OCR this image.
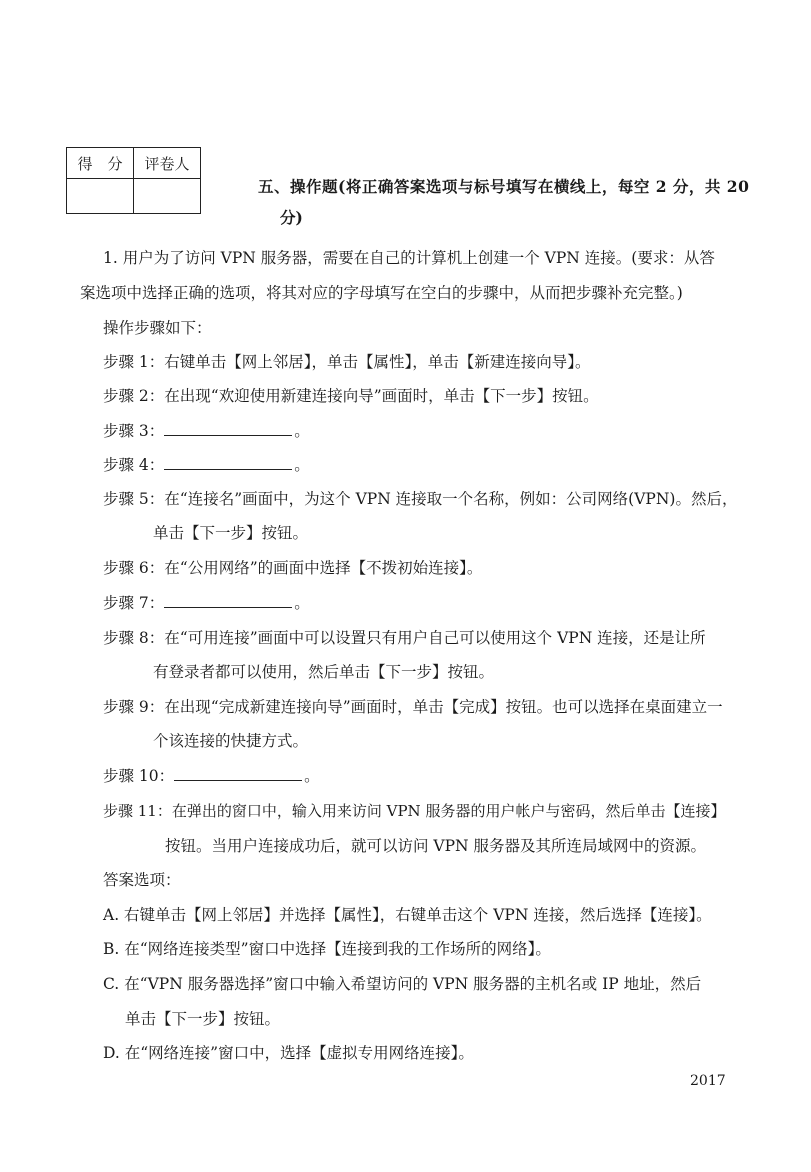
得　分	评卷人

五、操作题(将正确答案选项与标号填写在横线上，每空 2 分，共 20
分)
1. 用户为了访问 VPN 服务器，需要在自己的计算机上创建一个 VPN 连接。(要求：从答
案选项中选择正确的选项，将其对应的字母填写在空白的步骤中，从而把步骤补充完整。)
操作步骤如下：
步骤 1：右键单击【网上邻居】，单击【属性】，单击【新建连接向导】。
步骤 2：在出现“欢迎使用新建连接向导”画面时，单击【下一步】按钮。
步骤 3：	。
步骤 4：	。
步骤 5：在“连接名”画面中，为这个 VPN 连接取一个名称，例如：公司网络(VPN)。然后，
单击【下一步】按钮。
步骤 6：在“公用网络”的画面中选择【不拨初始连接】。
步骤 7：	。
步骤 8：在“可用连接”画面中可以设置只有用户自己可以使用这个 VPN 连接，还是让所
有登录者都可以使用，然后单击【下一步】按钮。
步骤 9：在出现“完成新建连接向导”画面时，单击【完成】按钮。也可以选择在桌面建立一
个该连接的快捷方式。
步骤 10：	。
步骤 11：在弹出的窗口中，输入用来访问 VPN 服务器的用户帐户与密码，然后单击【连接】
按钮。当用户连接成功后，就可以访问 VPN 服务器及其所连局域网中的资源。
答案选项：
A. 右键单击【网上邻居】并选择【属性】，右键单击这个 VPN 连接，然后选择【连接】。
B. 在“网络连接类型”窗口中选择【连接到我的工作场所的网络】。
C. 在“VPN 服务器选择”窗口中输入希望访问的 VPN 服务器的主机名或 IP 地址，然后
单击【下一步】按钮。
D. 在“网络连接”窗口中，选择【虚拟专用网络连接】。
2017
